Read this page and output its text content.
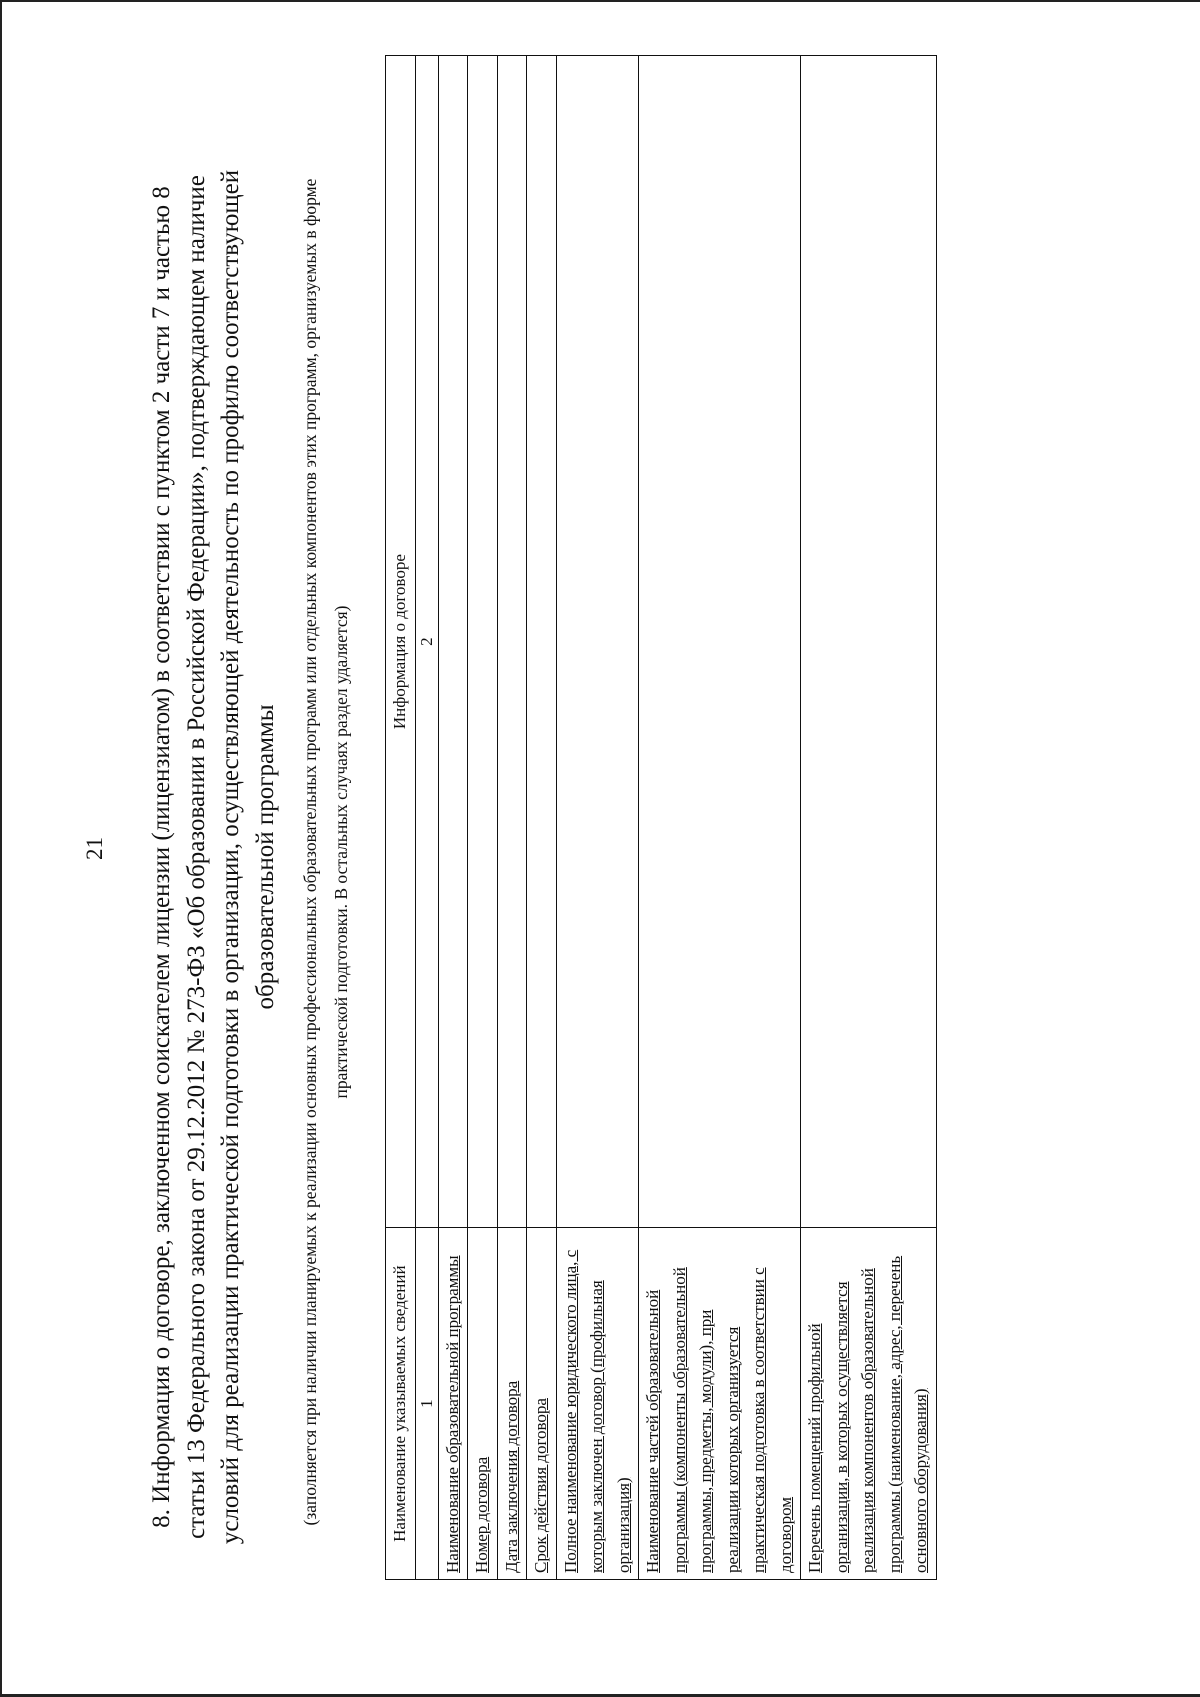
21 8. Информация о договоре, заключенном соискателем лицензии (лицензиатом) в соответствии с пунктом 2 части 7 и частью 8 статьи 13 Федерального закона от 29.12.2012 № 273-ФЗ «Об образовании в Российской Федерации», подтверждающем наличие условий для реализации практической подготовки в организации, осуществляющей деятельность по профилю соответствующей образовательной программы (заполняется при наличии планируемых к реализации основных профессиональных образовательных программ или отдельных компонентов этих программ, организуемых в форме практической подготовки. В остальных случаях раздел удаляется)
Наименование указываемых сведений	Информация о договоре
1	2
Наименование образовательной программы	
Номер договора	
Дата заключения договора	
Срок действия договора	
Полное наименование юридического лица, с которым заключен договор (профильная организация)	
Наименование частей образовательной программы (компоненты образовательной программы, предметы, модули), при реализации которых организуется практическая подготовка в соответствии с договором	
Перечень помещений профильной организации, в которых осуществляется реализация компонентов образовательной программы (наименование, адрес, перечень основного оборудования)	
